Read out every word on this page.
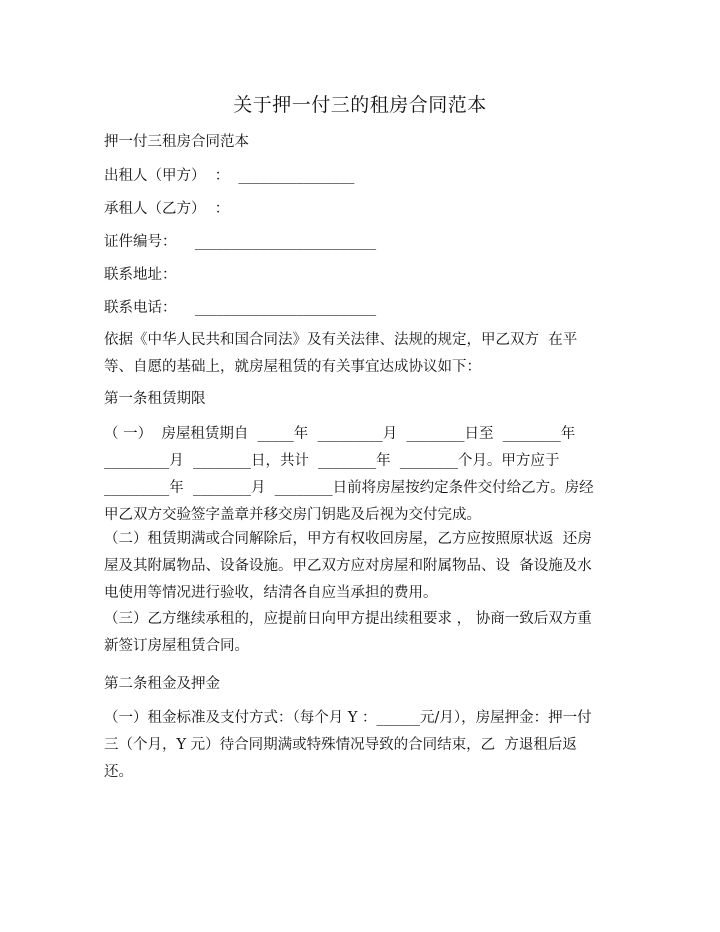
关于押一付三的租房合同范本
押一付三租房合同范本
出租人（甲方）  ：  ________________
承租人（乙方）  ：
证件编号：    _________________________
联系地址：
联系电话：    _________________________
依据《中华人民共和国合同法》及有关法律、法规的规定，甲乙双方  在平等、自愿的基础上，就房屋租赁的有关事宜达成协议如下：
第一条租赁期限
（ 一）  房屋租赁期自  _____年  _________月  ________日至  ________年  _________月  ________日，共计  ________年  ________个月。甲方应于_________年  ________月  ________日前将房屋按约定条件交付给乙方。房经甲乙双方交验签字盖章并移交房门钥匙及后视为交付完成。
（二）租赁期满或合同解除后，甲方有权收回房屋，乙方应按照原状返  还房屋及其附属物品、设备设施。甲乙双方应对房屋和附属物品、设  备设施及水电使用等情况进行验收，结清各自应当承担的费用。
（三）乙方继续承租的，应提前日向甲方提出续租要求 ， 协商一致后双方重新签订房屋租赁合同。
第二条租金及押金
（一）租金标准及支付方式：（每个月 Y ：______元/月），房屋押金：押一付三（个月，Y 元）待合同期满或特殊情况导致的合同结束，乙  方退租后返还。
